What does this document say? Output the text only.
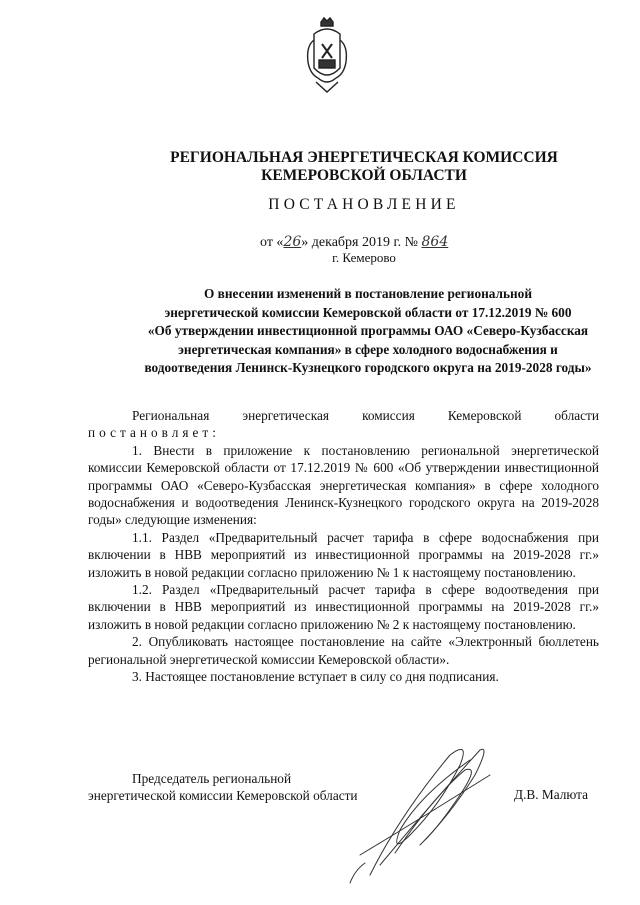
РЕГИОНАЛЬНАЯ ЭНЕРГЕТИЧЕСКАЯ КОМИССИЯ
КЕМЕРОВСКОЙ ОБЛАСТИ
ПОСТАНОВЛЕНИЕ
от «26» декабря 2019 г. № 864
г. Кемерово
О внесении изменений в постановление региональной
энергетической комиссии Кемеровской области от 17.12.2019 № 600
«Об утверждении инвестиционной программы ОАО «Северо-Кузбасская
энергетическая компания» в сфере холодного водоснабжения и
водоотведения Ленинск-Кузнецкого городского округа на 2019-2028 годы»

Региональная энергетическая комиссия Кемеровской области

постановляет:

1. Внести в приложение к постановлению региональной энергетической комиссии Кемеровской области от 17.12.2019 № 600 «Об утверждении инвестиционной программы ОАО «Северо-Кузбасская энергетическая компания» в сфере холодного водоснабжения и водоотведения Ленинск-Кузнецкого городского округа на 2019-2028 годы» следующие изменения:

1.1. Раздел «Предварительный расчет тарифа в сфере водоснабжения при включении в НВВ мероприятий из инвестиционной программы на 2019-2028 гг.» изложить в новой редакции согласно приложению № 1 к настоящему постановлению.

1.2. Раздел «Предварительный расчет тарифа в сфере водоотведения при включении в НВВ мероприятий из инвестиционной программы на 2019-2028 гг.» изложить в новой редакции согласно приложению № 2 к настоящему постановлению.

2. Опубликовать настоящее постановление на сайте «Электронный бюллетень региональной энергетической комиссии Кемеровской области».

3. Настоящее постановление вступает в силу со дня подписания.

Председатель региональной
энергетической комиссии Кемеровской области	Д.В. Малюта
